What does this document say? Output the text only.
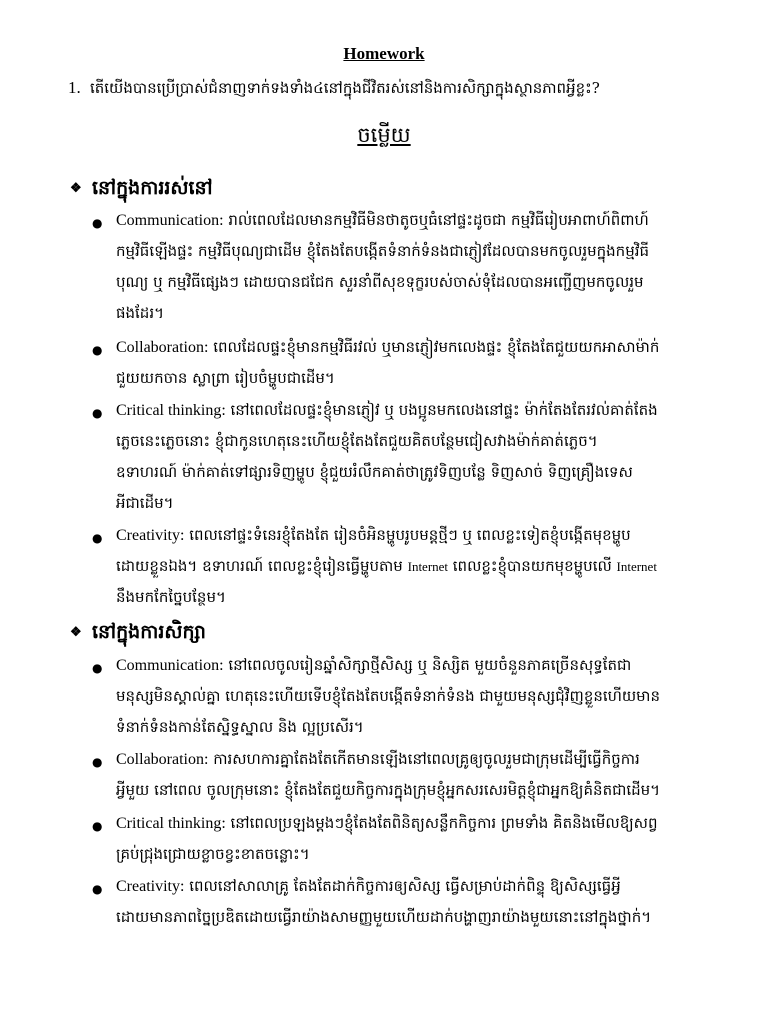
Homework
1. តើយើងបានប្រើប្រាស់ជំនាញទាក់ទងទាំង៤នៅក្នុងជីវិតរស់នៅនិងការសិក្សាក្នុងស្ថានភាពអ្វីខ្លះ?
ចម្លើយ
❖ នៅក្នុងការរស់នៅ
● Communication: រាល់ពេលដែលមានកម្មវិធីមិនថាតូចឬធំនៅផ្ទះដូចជា កម្មវិធីរៀបអាពាហ៍ពិពាហ៍
កម្មវិធីឡើងផ្ទះ កម្មវិធីបុណ្យជាដើម ខ្ញុំតែងតែបង្កើតទំនាក់ទំនងជាភ្ញៀវដែលបានមកចូលរួមក្នុងកម្មវិធី
បុណ្យ ឬ កម្មវិធីផ្សេងៗ ដោយបានជជែក សួរនាំពីសុខទុក្ខរបស់ចាស់ទុំដែលបានអញ្ជើញមកចូលរួម
ផងដែរ។
● Collaboration: ពេលដែលផ្ទះខ្ញុំមានកម្មវិធីរវល់ ឬមានភ្ញៀវមកលេងផ្ទះ ខ្ញុំតែងតែជួយយកអាសាម៉ាក់
ជួយយកចាន ស្លាព្រា រៀបចំម្ហូបជាដើម។
● Critical thinking: នៅពេលដែលផ្ទះខ្ញុំមានភ្ញៀវ ឬ បងប្អូនមកលេងនៅផ្ទះ ម៉ាក់តែងតែរវល់គាត់តែង
ភ្លេចនេះភ្លេចនោះ ខ្ញុំជាកូនហេតុនេះហើយខ្ញុំតែងតែជួយគិតបន្ថែមជៀសវាងម៉ាក់គាត់ភ្លេច។
ឧទាហរណ៍ ម៉ាក់គាត់ទៅផ្សារទិញម្ហូប ខ្ញុំជួយរំលឹកគាត់ថាត្រូវទិញបន្លែ ទិញសាច់ ទិញគ្រឿងទេស
អីជាដើម។
● Creativity: ពេលនៅផ្ទះទំនេរខ្ញុំតែងតែ រៀនចំអិនម្ហូបរូបមន្តថ្មីៗ ឬ ពេលខ្លះទៀតខ្ញុំបង្កើតមុខម្ហូប
ដោយខ្លួនឯង។ ឧទាហរណ៍ ពេលខ្លះខ្ញុំរៀនធ្វើម្ហូបតាម Internet ពេលខ្លះខ្ញុំបានយកមុខម្ហូបលើ Internet
នឹងមកកែច្នៃបន្ថែម។
❖ នៅក្នុងការសិក្សា
● Communication: នៅពេលចូលរៀនឆ្នាំសិក្សាថ្មីសិស្ស ឬ និស្សិត មួយចំនួនភាគច្រើនសុទ្ធតែជា
មនុស្សមិនស្គាល់គ្នា ហេតុនេះហើយទើបខ្ញុំតែងតែបង្កើតទំនាក់ទំនង ជាមួយមនុស្សជុំវិញខ្លួនហើយមាន
ទំនាក់ទំនងកាន់តែស្និទ្ធស្នាល និង ល្អប្រសើរ។
● Collaboration: ការសហការគ្នាតែងតែកើតមានឡើងនៅពេលគ្រូឲ្យចូលរួមជាក្រុមដើម្បីធ្វើកិច្ចការ
អ្វីមួយ នៅពេល ចូលក្រុមនោះ ខ្ញុំតែងតែជួយកិច្ចការក្នុងក្រុមខ្ញុំអ្នកសរសេរមិត្តខ្ញុំជាអ្នកឱ្យគំនិតជាដើម។
● Critical thinking: នៅពេលប្រឡងម្តងៗខ្ញុំតែងតែពិនិត្យសន្លឹកកិច្ចការ ព្រមទាំង គិតនិងមើលឱ្យសព្វ
គ្រប់ជ្រុងជ្រោយខ្លាចខ្វះខាតចន្លោះ។
● Creativity: ពេលនៅសាលាគ្រូ តែងតែដាក់កិច្ចការឲ្យសិស្ស ធ្វើសម្រាប់ដាក់ពិន្ទុ ឱ្យសិស្សធ្វើអ្វី
ដោយមានភាពច្នៃប្រឌិតដោយធ្វើរាយ៉ាងសាមញ្ញមួយហើយដាក់បង្ហាញរាយ៉ាងមួយនោះនៅក្នុងថ្នាក់។
